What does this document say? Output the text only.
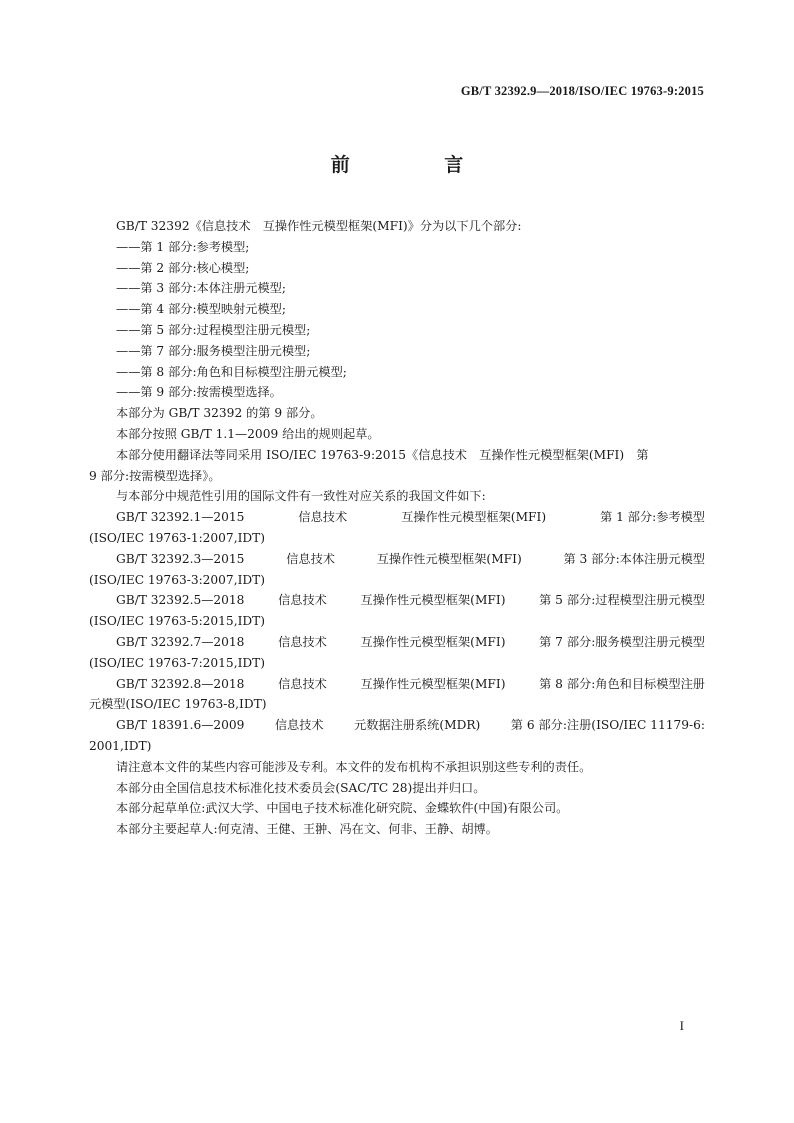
GB/T 32392.9—2018/ISO/IEC 19763-9:2015
前 言

GB/T 32392《信息技术　互操作性元模型框架(MFI)》分为以下几个部分:

——第 1 部分:参考模型;

——第 2 部分:核心模型;

——第 3 部分:本体注册元模型;

——第 4 部分:模型映射元模型;

——第 5 部分:过程模型注册元模型;

——第 7 部分:服务模型注册元模型;

——第 8 部分:角色和目标模型注册元模型;

——第 9 部分:按需模型选择。

本部分为 GB/T 32392 的第 9 部分。

本部分按照 GB/T 1.1—2009 给出的规则起草。

本部分使用翻译法等同采用 ISO/IEC 19763-9:2015《信息技术　互操作性元模型框架(MFI)　第

9 部分:按需模型选择》。

与本部分中规范性引用的国际文件有一致性对应关系的我国文件如下:

GB/T 32392.1—2015	信息技术	互操作性元模型框架(MFI)	第 1 部分:参考模型
(ISO/IEC 19763-1:2007,IDT)
GB/T 32392.3—2015	信息技术	互操作性元模型框架(MFI)	第 3 部分:本体注册元模型
(ISO/IEC 19763-3:2007,IDT)
GB/T 32392.5—2018	信息技术	互操作性元模型框架(MFI)	第 5 部分:过程模型注册元模型
(ISO/IEC 19763-5:2015,IDT)
GB/T 32392.7—2018	信息技术	互操作性元模型框架(MFI)	第 7 部分:服务模型注册元模型
(ISO/IEC 19763-7:2015,IDT)
GB/T 32392.8—2018	信息技术	互操作性元模型框架(MFI)	第 8 部分:角色和目标模型注册
元模型(ISO/IEC 19763-8,IDT)
GB/T 18391.6—2009 信息技术 元数据注册系统(MDR) 第 6 部分:注册(ISO/IEC 11179-6:
2001,IDT)

请注意本文件的某些内容可能涉及专利。本文件的发布机构不承担识别这些专利的责任。

本部分由全国信息技术标准化技术委员会(SAC/TC 28)提出并归口。

本部分起草单位:武汉大学、中国电子技术标准化研究院、金蝶软件(中国)有限公司。

本部分主要起草人:何克清、王健、王翀、冯在文、何非、王静、胡博。

I
